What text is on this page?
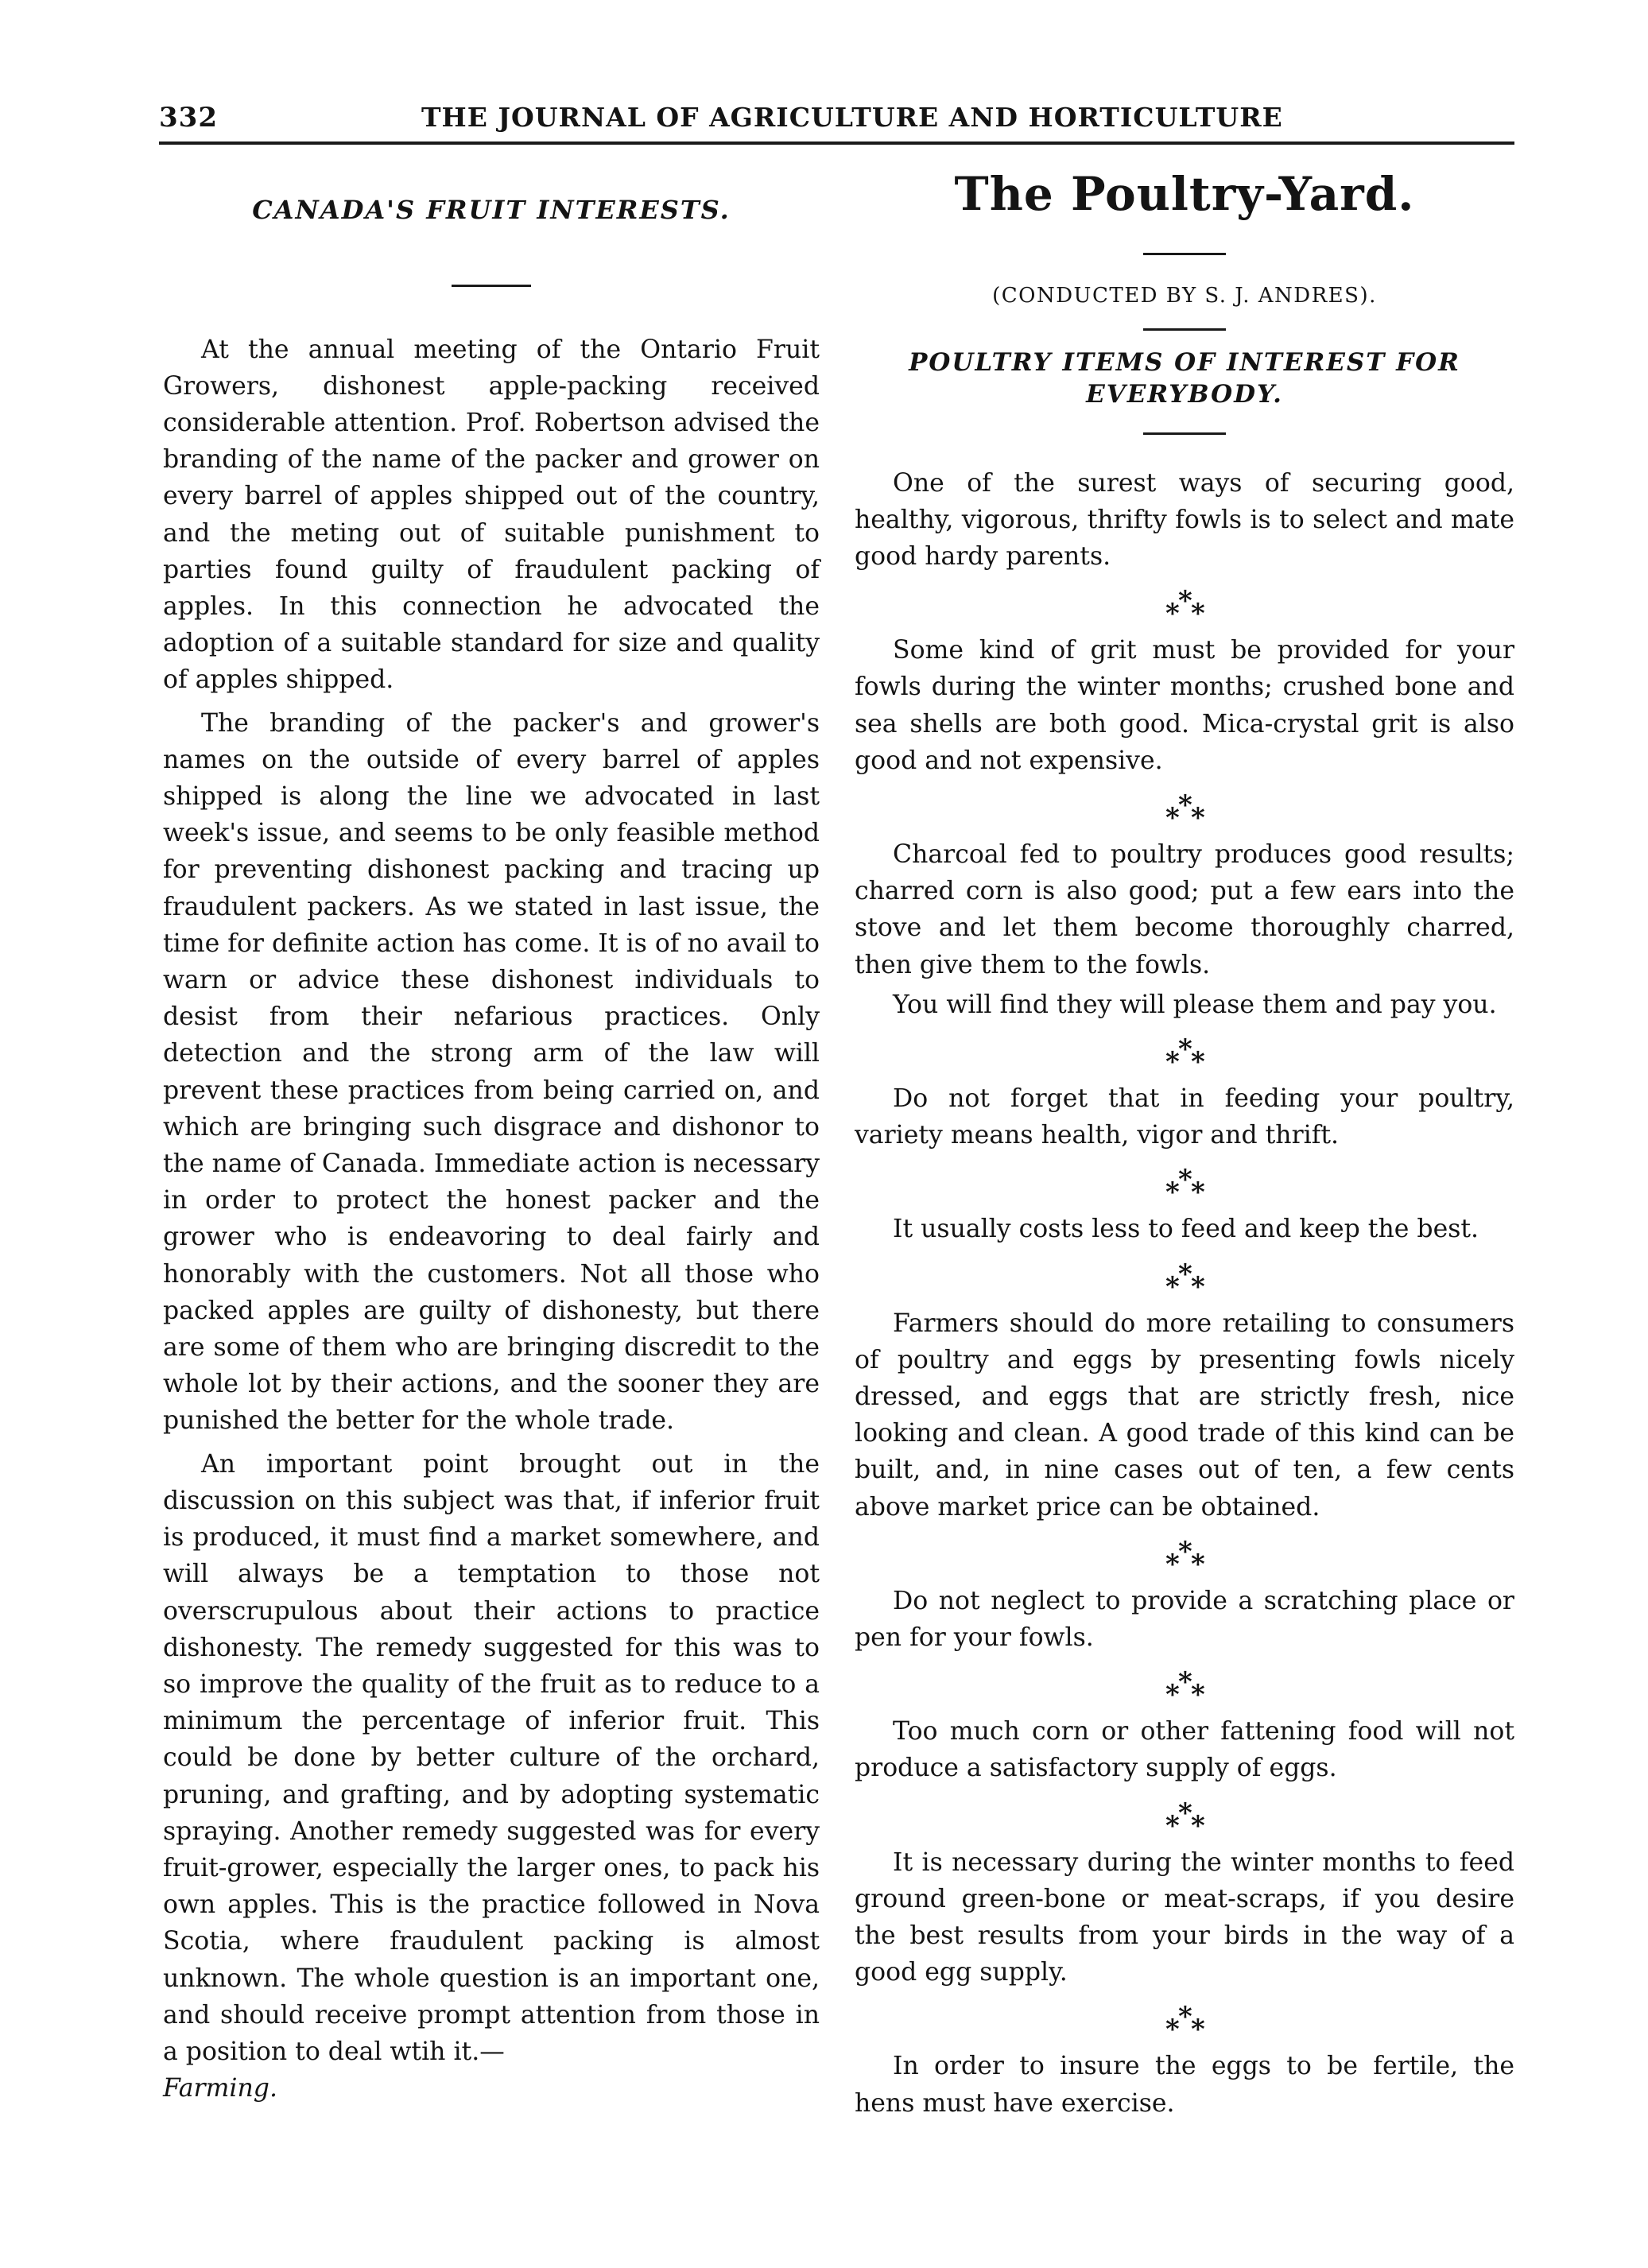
332	THE JOURNAL OF AGRICULTURE AND HORTICULTURE
CANADA'S FRUIT INTERESTS.

At the annual meeting of the Ontario Fruit Growers, dishonest apple-packing received considerable attention. Prof. Robertson advised the branding of the name of the packer and grower on every barrel of apples shipped out of the country, and the meting out of suitable punishment to parties found guilty of fraudulent packing of apples. In this connection he advocated the adoption of a suitable standard for size and quality of apples shipped.

The branding of the packer's and grower's names on the outside of every barrel of apples shipped is along the line we advocated in last week's issue, and seems to be only feasible method for preventing dishonest packing and tracing up fraudulent packers. As we stated in last issue, the time for definite action has come. It is of no avail to warn or advice these dishonest individuals to desist from their nefarious practices. Only detection and the strong arm of the law will prevent these practices from being carried on, and which are bringing such disgrace and dishonor to the name of Canada. Immediate action is necessary in order to protect the honest packer and the grower who is endeavoring to deal fairly and honorably with the customers. Not all those who packed apples are guilty of dishonesty, but there are some of them who are bringing discredit to the whole lot by their actions, and the sooner they are punished the better for the whole trade.

An important point brought out in the discussion on this subject was that, if inferior fruit is produced, it must find a market somewhere, and will always be a temptation to those not overscrupulous about their actions to practice dishonesty. The remedy suggested for this was to so improve the quality of the fruit as to reduce to a minimum the percentage of inferior fruit. This could be done by better culture of the orchard, pruning, and grafting, and by adopting systematic spraying. Another remedy suggested was for every fruit-grower, especially the larger ones, to pack his own apples. This is the practice followed in Nova Scotia, where fraudulent packing is almost unknown. The whole question is an important one, and should receive prompt attention from those in a position to deal wtih it.—
Farming.

The Poultry-Yard.
(CONDUCTED BY S. J. ANDRES).
POULTRY ITEMS OF INTEREST FOR EVERYBODY.

One of the surest ways of securing good, healthy, vigorous, thrifty fowls is to select and mate good hardy parents.

*
*
*

Some kind of grit must be provided for your fowls during the winter months; crushed bone and sea shells are both good. Mica-crystal grit is also good and not expensive.

*
*
*

Charcoal fed to poultry produces good results; charred corn is also good; put a few ears into the stove and let them become thoroughly charred, then give them to the fowls.

You will find they will please them and pay you.

*
*
*

Do not forget that in feeding your poultry, variety means health, vigor and thrift.

*
*
*

It usually costs less to feed and keep the best.

*
*
*

Farmers should do more retailing to consumers of poultry and eggs by presenting fowls nicely dressed, and eggs that are strictly fresh, nice looking and clean. A good trade of this kind can be built, and, in nine cases out of ten, a few cents above market price can be obtained.

*
*
*

Do not neglect to provide a scratching place or pen for your fowls.

*
*
*

Too much corn or other fattening food will not produce a satisfactory supply of eggs.

*
*
*

It is necessary during the winter months to feed ground green-bone or meat-scraps, if you desire the best results from your birds in the way of a good egg supply.

*
*
*

In order to insure the eggs to be fertile, the hens must have exercise.
